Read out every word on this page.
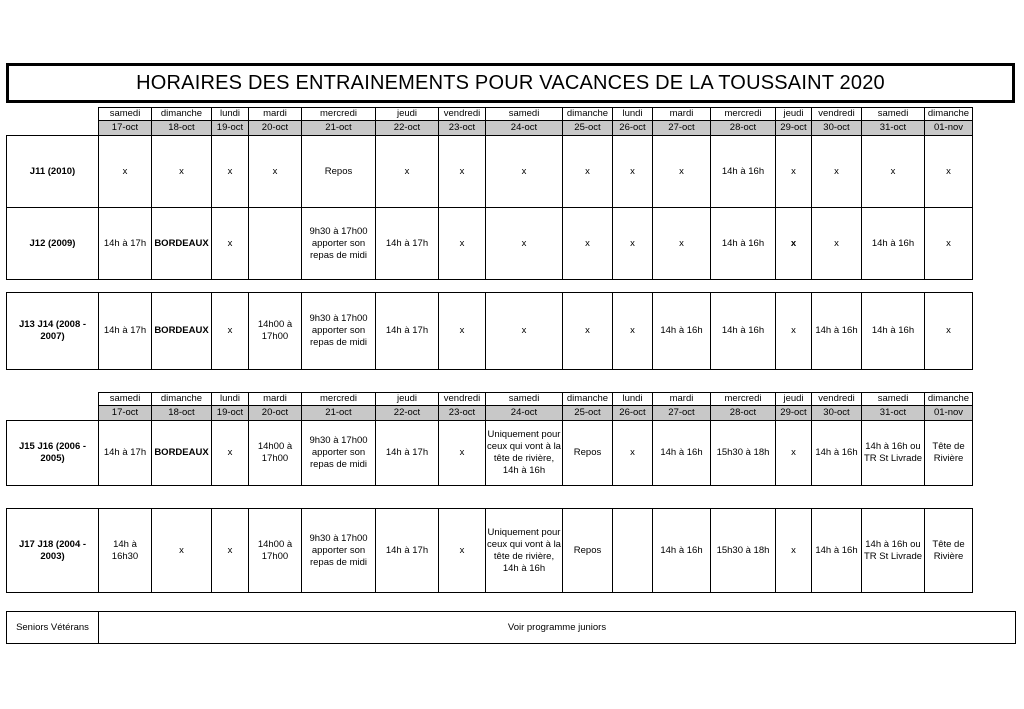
HORAIRES DES ENTRAINEMENTS POUR VACANCES DE LA TOUSSAINT 2020
	samedi	dimanche	lundi	mardi	mercredi	jeudi	vendredi	samedi	dimanche	lundi	mardi	mercredi	jeudi	vendredi	samedi	dimanche
	17-oct	18-oct	19-oct	20-oct	21-oct	22-oct	23-oct	24-oct	25-oct	26-oct	27-oct	28-oct	29-oct	30-oct	31-oct	01-nov
J11 (2010)	x	x	x	x	Repos	x	x	x	x	x	x	14h à 16h	x	x	x	x
J12 (2009)	14h à 17h	BORDEAUX	x		9h30 à 17h00 apporter son repas de midi	14h à 17h	x	x	x	x	x	14h à 16h	x	x	14h à 16h	x
J13 J14 (2008 - 2007)	14h à 17h	BORDEAUX	x	14h00 à 17h00	9h30 à 17h00 apporter son repas de midi	14h à 17h	x	x	x	x	14h à 16h	14h à 16h	x	14h à 16h	14h à 16h	x
	samedi	dimanche	lundi	mardi	mercredi	jeudi	vendredi	samedi	dimanche	lundi	mardi	mercredi	jeudi	vendredi	samedi	dimanche
	17-oct	18-oct	19-oct	20-oct	21-oct	22-oct	23-oct	24-oct	25-oct	26-oct	27-oct	28-oct	29-oct	30-oct	31-oct	01-nov
J15 J16 (2006 - 2005)	14h à 17h	BORDEAUX	x	14h00 à 17h00	9h30 à 17h00 apporter son repas de midi	14h à 17h	x	Uniquement pour ceux qui vont à la tête de rivière, 14h à 16h	Repos	x	14h à 16h	15h30 à 18h	x	14h à 16h	14h à 16h ou TR St Livrade	Tête de Rivière
J17 J18 (2004 - 2003)	14h à 16h30	x	x	14h00 à 17h00	9h30 à 17h00 apporter son repas de midi	14h à 17h	x	Uniquement pour ceux qui vont à la tête de rivière, 14h à 16h	Repos		14h à 16h	15h30 à 18h	x	14h à 16h	14h à 16h ou TR St Livrade	Tête de Rivière
Seniors Vétérans	Voir programme juniors
